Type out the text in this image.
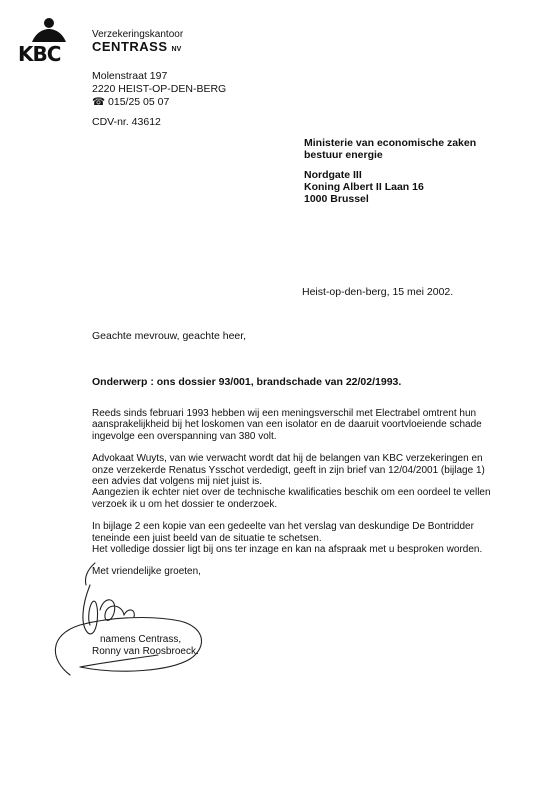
KBC
Verzekeringskantoor
CENTRASS NV
Molenstraat 197
2220 HEIST-OP-DEN-BERG
☎ 015/25 05 07
CDV-nr. 43612
Ministerie van economische zaken
bestuur energie
Nordgate III
Koning Albert II Laan 16
1000 Brussel
Heist-op-den-berg, 15 mei 2002.
Geachte mevrouw, geachte heer,
Onderwerp : ons dossier 93/001, brandschade van 22/02/1993.

Reeds sinds februari 1993 hebben wij een meningsverschil met Electrabel omtrent hun aansprakelijkheid bij het loskomen van een isolator en de daaruit voortvloeiende schade ingevolge een overspanning van 380 volt.

Advokaat Wuyts, van wie verwacht wordt dat hij de belangen van KBC verzekeringen en onze verzekerde Renatus Ysschot verdedigt, geeft in zijn brief van 12/04/2001 (bijlage 1) een advies dat volgens mij niet juist is.

Aangezien ik echter niet over de technische kwalificaties beschik om een oordeel te vellen verzoek ik u om het dossier te onderzoek.

In bijlage 2 een kopie van een gedeelte van het verslag van deskundige De Bontridder teneinde een juist beeld van de situatie te schetsen.

Het volledige dossier ligt bij ons ter inzage en kan na afspraak met u besproken worden.

Met vriendelijke groeten,
namens Centrass,
Ronny van Roosbroeck.
